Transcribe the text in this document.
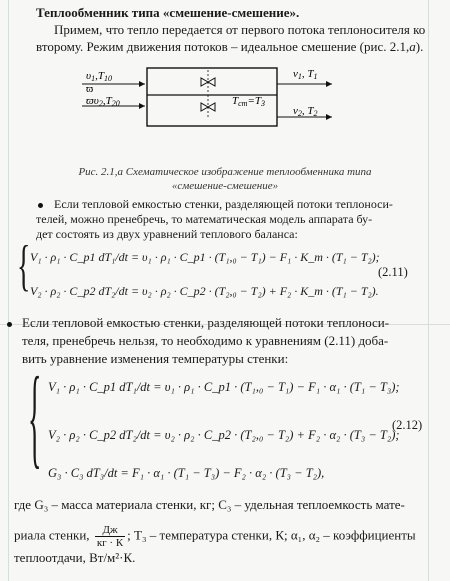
Теплообменник типа «смешение-смешение».
Примем, что тепло передается от первого потока теплоносителя ко
второму. Режим движения потоков – идеальное смешение (рис. 2.1,а).
υ1,T10
ϖ
ϖυ2,T20	Tст=T3
v1, T1
v2, T2
Рис. 2.1,а Схематическое изображение теплообменника типа
«смешение-смешение»
Если тепловой емкостью стенки, разделяющей потоки теплоноси-
телей, можно пренебречь, то математическая модель аппарата бу-
дет состоять из двух уравнений теплового баланса:
{ V₁ · ρ₁ · C_p1 dT₁/dt = υ₁ · ρ₁ · C_p1 · (T₁,₀ − T₁) − F₁ · K_т · (T₁ − T₂);
V₂ · ρ₂ · C_p2 dT₂/dt = υ₂ · ρ₂ · C_p2 · (T₂,₀ − T₂) + F₂ · K_т · (T₁ − T₂).
(2.11)
Если тепловой емкостью стенки, разделяющей потоки теплоноси-
теля, пренебречь нельзя, то необходимо к уравнениям (2.11) доба-
вить уравнение изменения температуры стенки:
{ V₁ · ρ₁ · C_p1 dT₁/dt = υ₁ · ρ₁ · C_p1 · (T₁,₀ − T₁) − F₁ · α₁ · (T₁ − T₃);
V₂ · ρ₂ · C_p2 dT₂/dt = υ₂ · ρ₂ · C_p2 · (T₂,₀ − T₂) + F₂ · α₂ · (T₃ − T₂);
G₃ · C₃ dT₃/dt = F₁ · α₁ · (T₁ − T₃) − F₂ · α₂ · (T₃ − T₂),
(2.12)
где G₃ – масса материала стенки, кг; C₃ – удельная теплоемкость мате-
риала стенки,	Дж
кг · К
; T₃ – температура стенки, К; α₁, α₂ – коэффициенты
теплоотдачи, Вт/м²·К.
